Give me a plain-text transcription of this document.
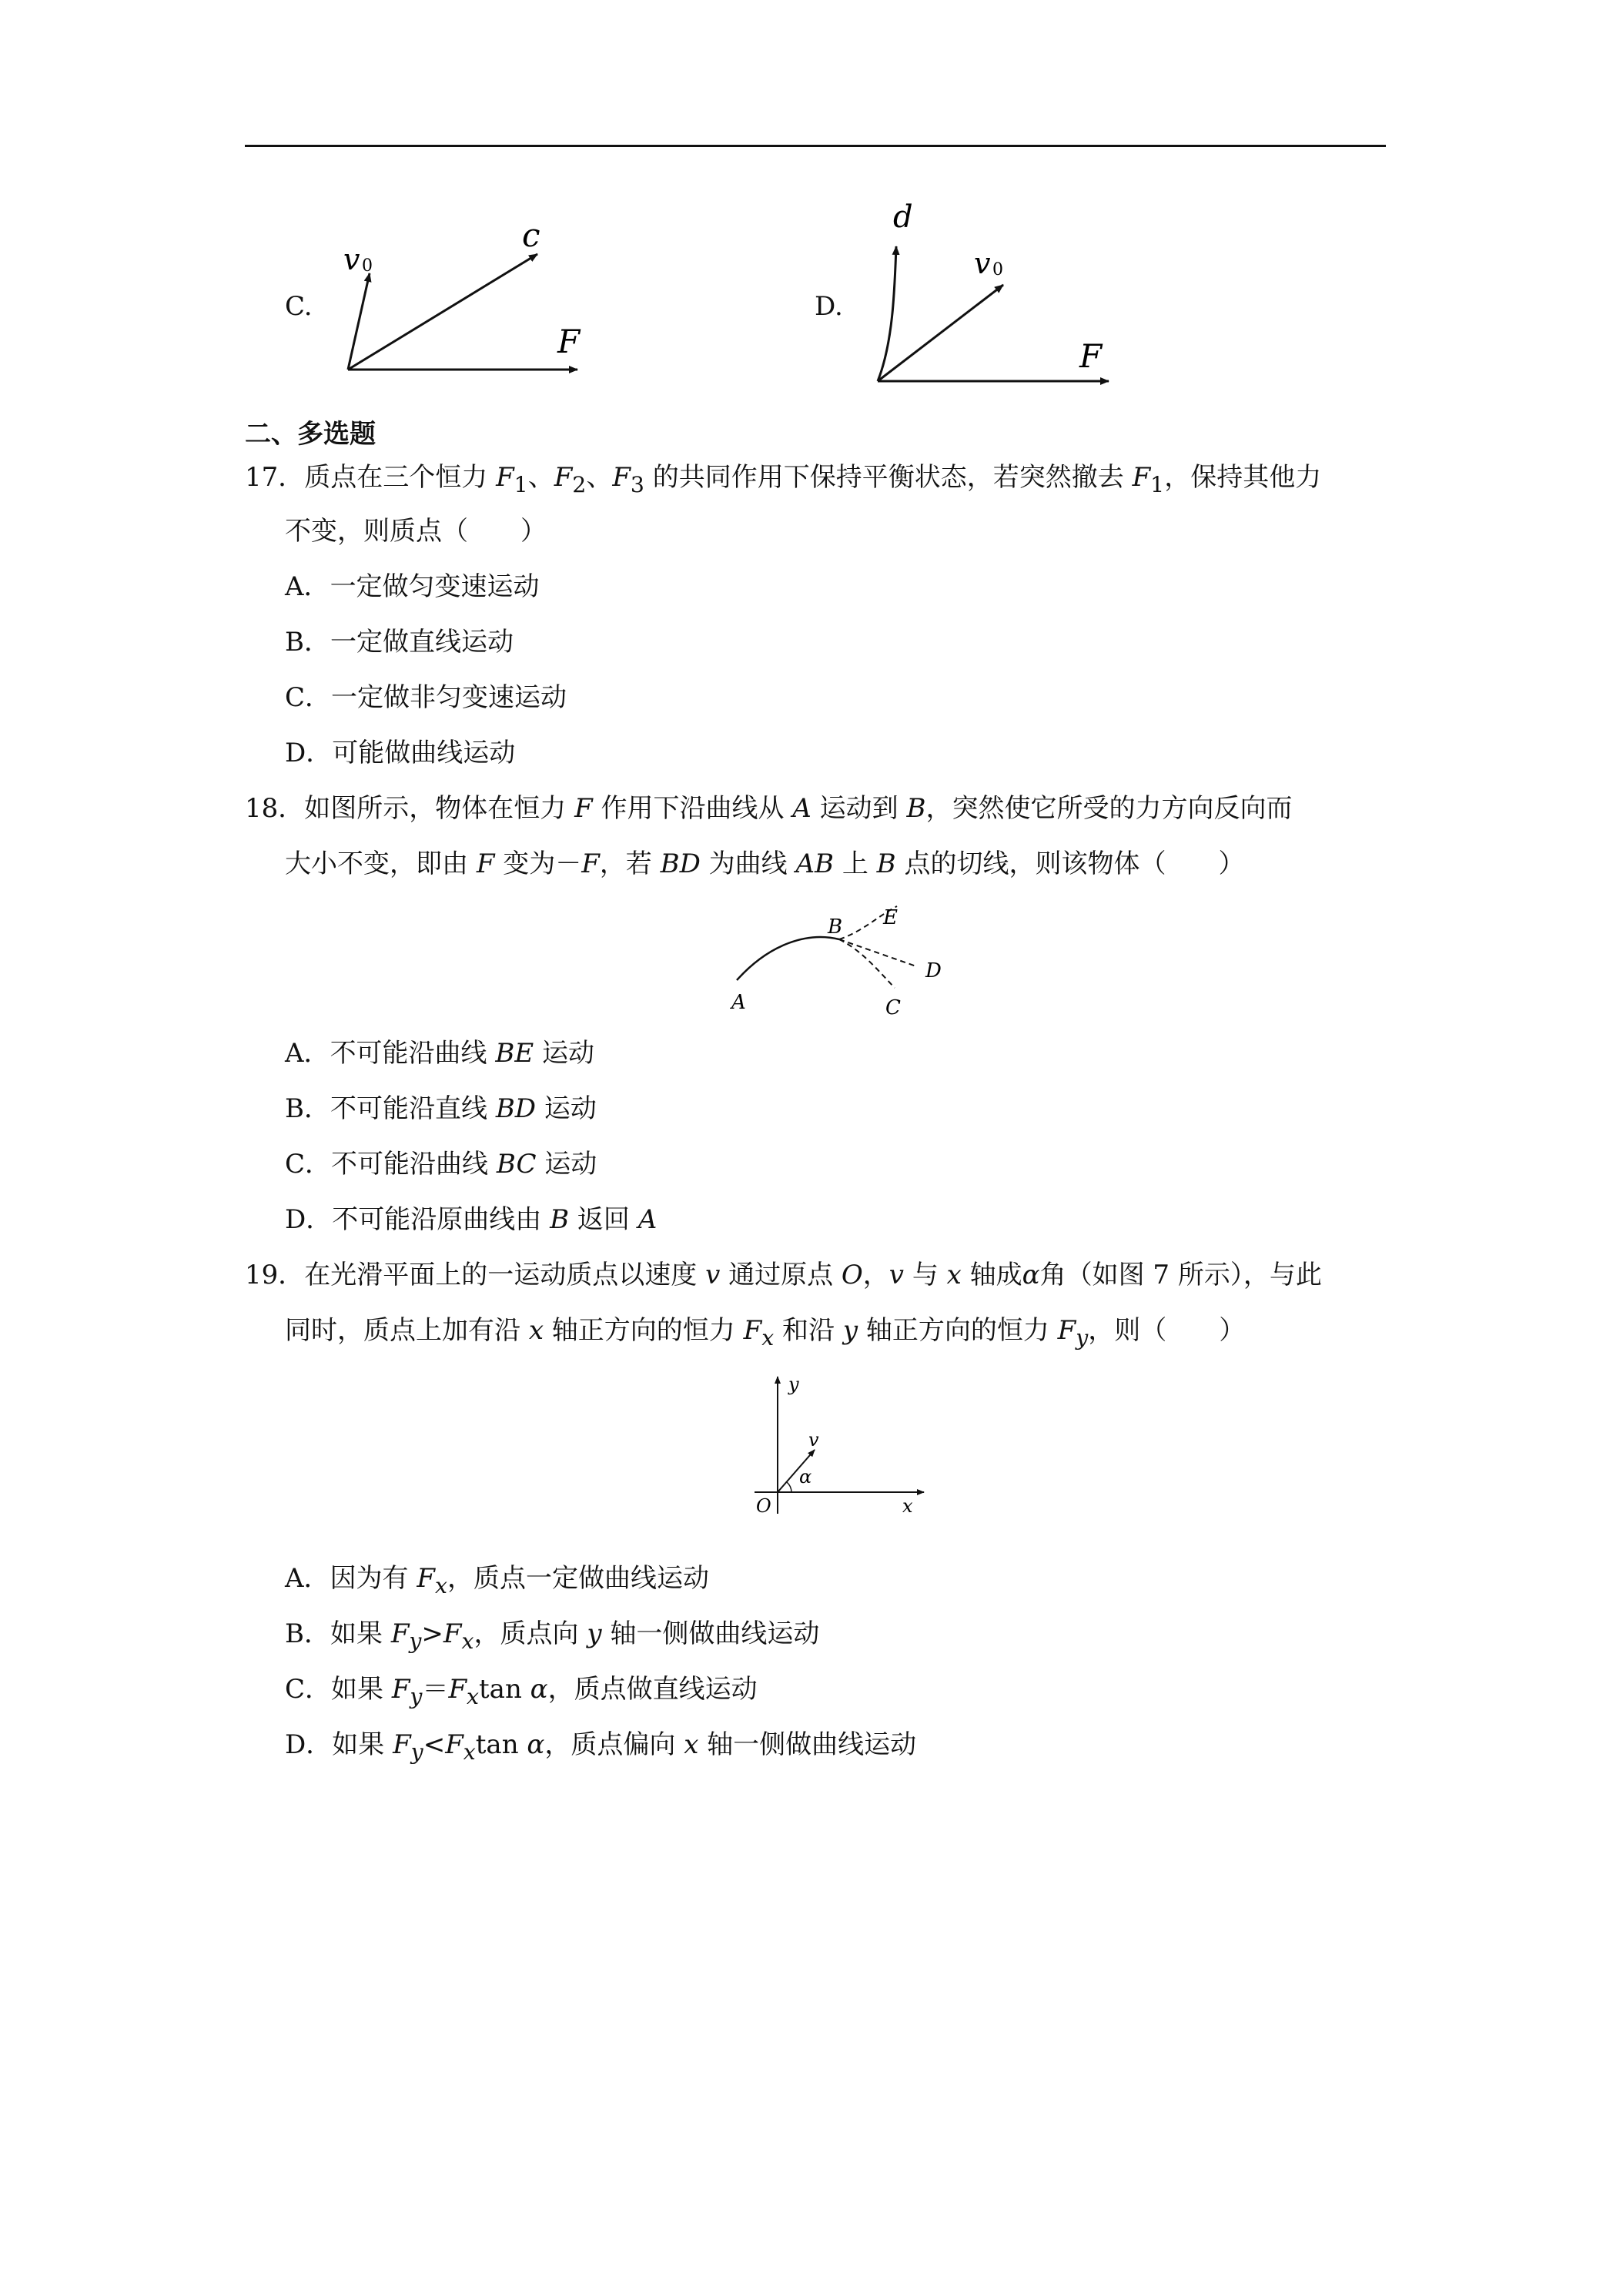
C.
v 0
c
F
D.
d
v 0
F
二、多选题
17．质点在三个恒力 $F_1$、$F_2$、$F_3$ 的共同作用下保持平衡状态，若突然撤去 $F_1$，保持其他力
不变，则质点（　　）
A．一定做匀变速运动
B．一定做直线运动
C．一定做非匀变速运动
D．可能做曲线运动
18．如图所示，物体在恒力 F 作用下沿曲线从 A 运动到 B，突然使它所受的力方向反向而
大小不变，即由 F 变为－F，若 BD 为曲线 AB 上 B 点的切线，则该物体（　　）
A
B
C
D
E
A．不可能沿曲线 BE 运动
B．不可能沿直线 BD 运动
C．不可能沿曲线 BC 运动
D．不可能沿原曲线由 B 返回 A
19．在光滑平面上的一运动质点以速度 v 通过原点 O，v 与 x 轴成α角（如图 7 所示），与此
同时，质点上加有沿 x 轴正方向的恒力 $F_x$ 和沿 y 轴正方向的恒力 $F_y$，则（　　）
y
v
α
O	x
A．因为有 $F_x$，质点一定做曲线运动
B．如果 $F_y>F_x$，质点向 y 轴一侧做曲线运动
C．如果 $F_y=F_x\tan$ α，质点做直线运动
D．如果 $F_y<F_x\tan$ α，质点偏向 x 轴一侧做曲线运动
